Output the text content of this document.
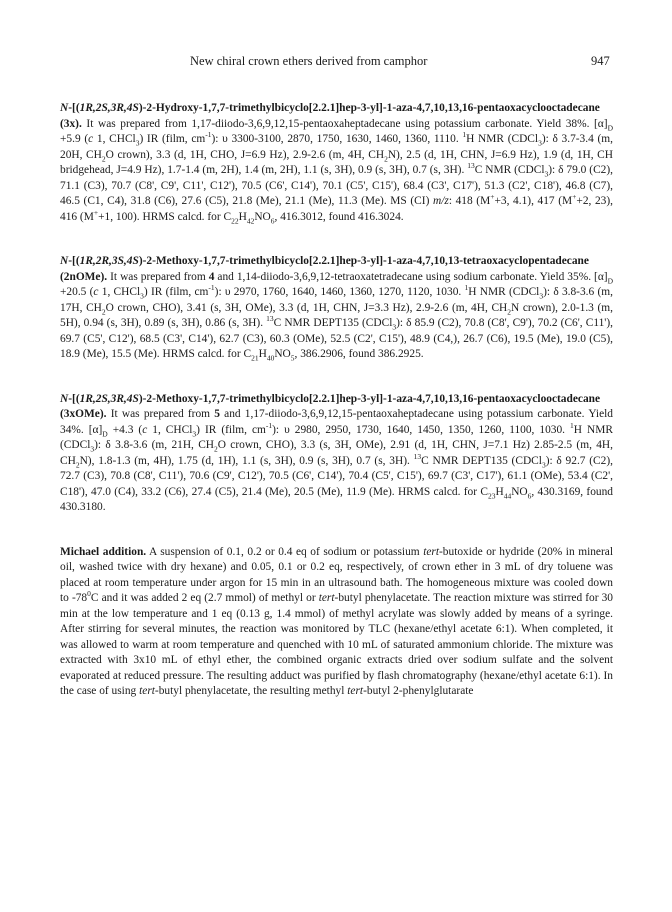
New chiral crown ethers derived from camphor	947

N-[(1R,2S,3R,4S)-2-Hydroxy-1,7,7-trimethylbicyclo[2.2.1]hep-3-yl]-1-aza-4,7,10,13,16-pentaoxacyclooctadecane (3x). It was prepared from 1,17-diiodo-3,6,9,12,15-pentaoxaheptadecane using potassium carbonate. Yield 38%. $[\alpha]_D +5.9$ (c 1, CHCl$_3$) IR (film, $cm^{-1}$): υ 3300-3100, 2870, 1750, 1630, 1460, 1360, 1110. $^1$H NMR (CDCl$_3$): δ 3.7-3.4 (m, 20H, $CH_2O$ crown), 3.3 (d, 1H, CHO, J=6.9 Hz), 2.9-2.6 (m, 4H, $CH_2N$), 2.5 (d, 1H, CHN, J=6.9 Hz), 1.9 (d, 1H, CH bridgehead, J=4.9 Hz), 1.7-1.4 (m, 2H), 1.4 (m, 2H), 1.1 (s, 3H), 0.9 (s, 3H), 0.7 (s, 3H). $^{13}$C NMR (CDCl$_3$): δ 79.0 (C2), 71.1 (C3), 70.7 (C8', C9', C11', C12'), 70.5 (C6', C14'), 70.1 (C5', C15'), 68.4 (C3', C17'), 51.3 (C2', C18'), 46.8 (C7), 46.5 (C1, C4), 31.8 (C6), 27.6 (C5), 21.8 (Me), 21.1 (Me), 11.3 (Me). MS (CI) m/z: 418 (M++3, 4.1), 417 (M++2, 23), 416 (M++1, 100). HRMS calcd. for $C_{22}H_{42}NO_6$, 416.3012, found 416.3024.

N-[(1R,2R,3S,4S)-2-Methoxy-1,7,7-trimethylbicyclo[2.2.1]hep-3-yl]-1-aza-4,7,10,13-tetraoxacyclopentadecane (2nOMe). It was prepared from 4 and 1,14-diiodo-3,6,9,12-tetraoxatetradecane using sodium carbonate. Yield 35%. $[\alpha]_D +20.5$ (c 1, CHCl$_3$) IR (film, $cm^{-1}$): υ 2970, 1760, 1640, 1460, 1360, 1270, 1120, 1030. $^1$H NMR (CDCl$_3$): δ 3.8-3.6 (m, 17H, $CH_2O$ crown, CHO), 3.41 (s, 3H, OMe), 3.3 (d, 1H, CHN, J=3.3 Hz), 2.9-2.6 (m, 4H, $CH_2N$ crown), 2.0-1.3 (m, 5H), 0.94 (s, 3H), 0.89 (s, 3H), 0.86 (s, 3H). $^{13}$C NMR DEPT135 (CDCl$_3$): δ 85.9 (C2), 70.8 (C8', C9'), 70.2 (C6', C11'), 69.7 (C5', C12'), 68.5 (C3', C14'), 62.7 (C3), 60.3 (OMe), 52.5 (C2', C15'), 48.9 (C4,), 26.7 (C6), 19.5 (Me), 19.0 (C5), 18.9 (Me), 15.5 (Me). HRMS calcd. for $C_{21}H_{40}NO_5$, 386.2906, found 386.2925.

N-[(1R,2S,3R,4S)-2-Methoxy-1,7,7-trimethylbicyclo[2.2.1]hep-3-yl]-1-aza-4,7,10,13,16-pentaoxacyclooctadecane (3xOMe). It was prepared from 5 and 1,17-diiodo-3,6,9,12,15-pentaoxaheptadecane using potassium carbonate. Yield 34%. $[\alpha]_D +4.3$ (c 1, CHCl$_3$) IR (film, $cm^{-1}$): υ 2980, 2950, 1730, 1640, 1450, 1350, 1260, 1100, 1030. $^1$H NMR (CDCl$_3$): δ 3.8-3.6 (m, 21H, $CH_2O$ crown, CHO), 3.3 (s, 3H, OMe), 2.91 (d, 1H, CHN, J=7.1 Hz) 2.85-2.5 (m, 4H, $CH_2N$), 1.8-1.3 (m, 4H), 1.75 (d, 1H), 1.1 (s, 3H), 0.9 (s, 3H), 0.7 (s, 3H). $^{13}$C NMR DEPT135 (CDCl$_3$): δ 92.7 (C2), 72.7 (C3), 70.8 (C8', C11'), 70.6 (C9', C12'), 70.5 (C6', C14'), 70.4 (C5', C15'), 69.7 (C3', C17'), 61.1 (OMe), 53.4 (C2', C18'), 47.0 (C4), 33.2 (C6), 27.4 (C5), 21.4 (Me), 20.5 (Me), 11.9 (Me). HRMS calcd. for $C_{23}H_{44}NO_6$, 430.3169, found 430.3180.

Michael addition. A suspension of 0.1, 0.2 or 0.4 eq of sodium or potassium tert-butoxide or hydride (20% in mineral oil, washed twice with dry hexane) and 0.05, 0.1 or 0.2 eq, respectively, of crown ether in 3 mL of dry toluene was placed at room temperature under argon for 15 min in an ultrasound bath. The homogeneous mixture was cooled down to $-78^0C$ and it was added 2 eq (2.7 mmol) of methyl or tert-butyl phenylacetate. The reaction mixture was stirred for 30 min at the low temperature and 1 eq (0.13 g, 1.4 mmol) of methyl acrylate was slowly added by means of a syringe. After stirring for several minutes, the reaction was monitored by TLC (hexane/ethyl acetate 6:1). When completed, it was allowed to warm at room temperature and quenched with 10 mL of saturated ammonium chloride. The mixture was extracted with 3x10 mL of ethyl ether, the combined organic extracts dried over sodium sulfate and the solvent evaporated at reduced pressure. The resulting adduct was purified by flash chromatography (hexane/ethyl acetate 6:1). In the case of using tert-butyl phenylacetate, the resulting methyl tert-butyl 2-phenylglutarate
